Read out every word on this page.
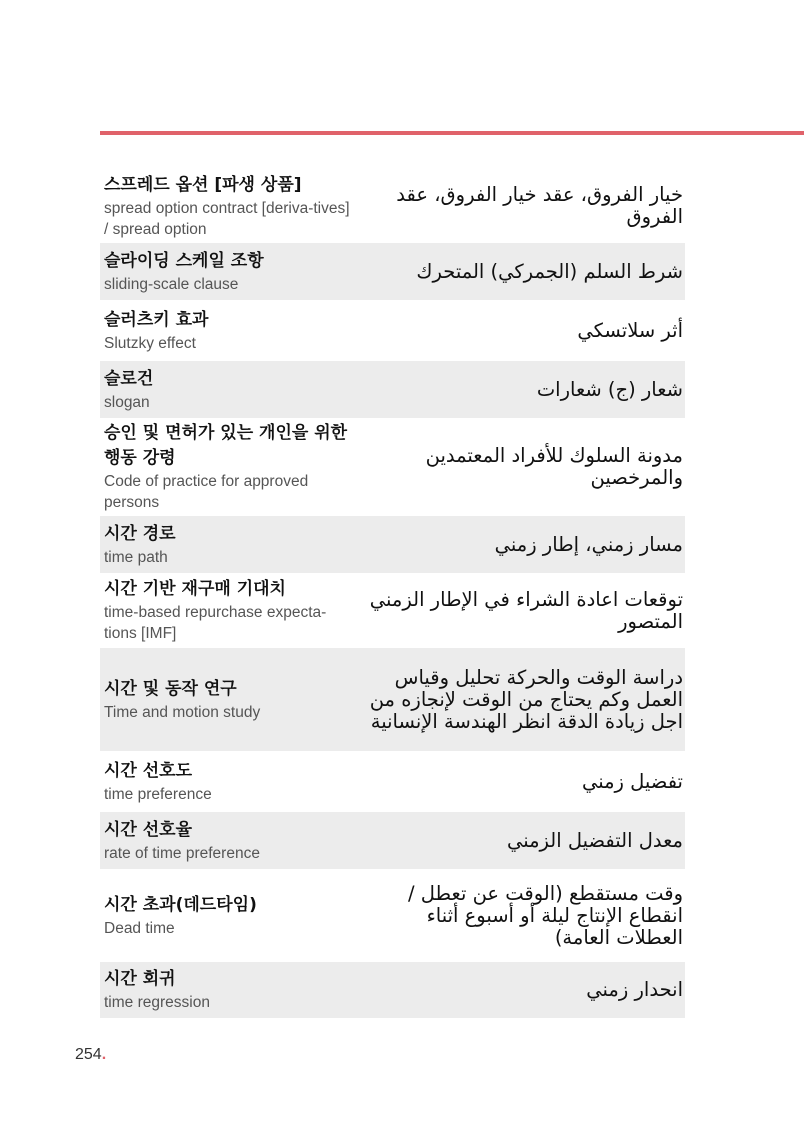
스프레드 옵션 [파생 상품]
spread option contract [deriva-tives] / spread option
خيار الفروق، عقد خيار الفروق، عقد الفروق
슬라이딩 스케일 조항
sliding-scale clause
شرط السلم (الجمركي) المتحرك
슬러츠키 효과
Slutzky effect
أثر سلاتسكي
슬로건
slogan
شعار (ج) شعارات
승인 및 면허가 있는 개인을 위한 행동 강령
Code of practice for approved persons
مدونة السلوك للأفراد المعتمدين والمرخصين
시간 경로
time path
مسار زمني، إطار زمني
시간 기반 재구매 기대치
time-based repurchase expecta-tions [IMF]
توقعات اعادة الشراء في الإطار الزمني المتصور
시간 및 동작 연구
Time and motion study
دراسة الوقت والحركة تحليل وقياس العمل وكم يحتاج من الوقت لإنجازه من اجل زيادة الدقة انظر الهندسة الإنسانية
시간 선호도
time preference
تفضيل زمني
시간 선호율
rate of time preference
معدل التفضيل الزمني
시간 초과(데드타임)
Dead time
وقت مستقطع (الوقت عن تعطل / انقطاع الإنتاج ليلة أو أسبوع أثناء العطلات العامة)
시간 회귀
time regression
انحدار زمني
254.
